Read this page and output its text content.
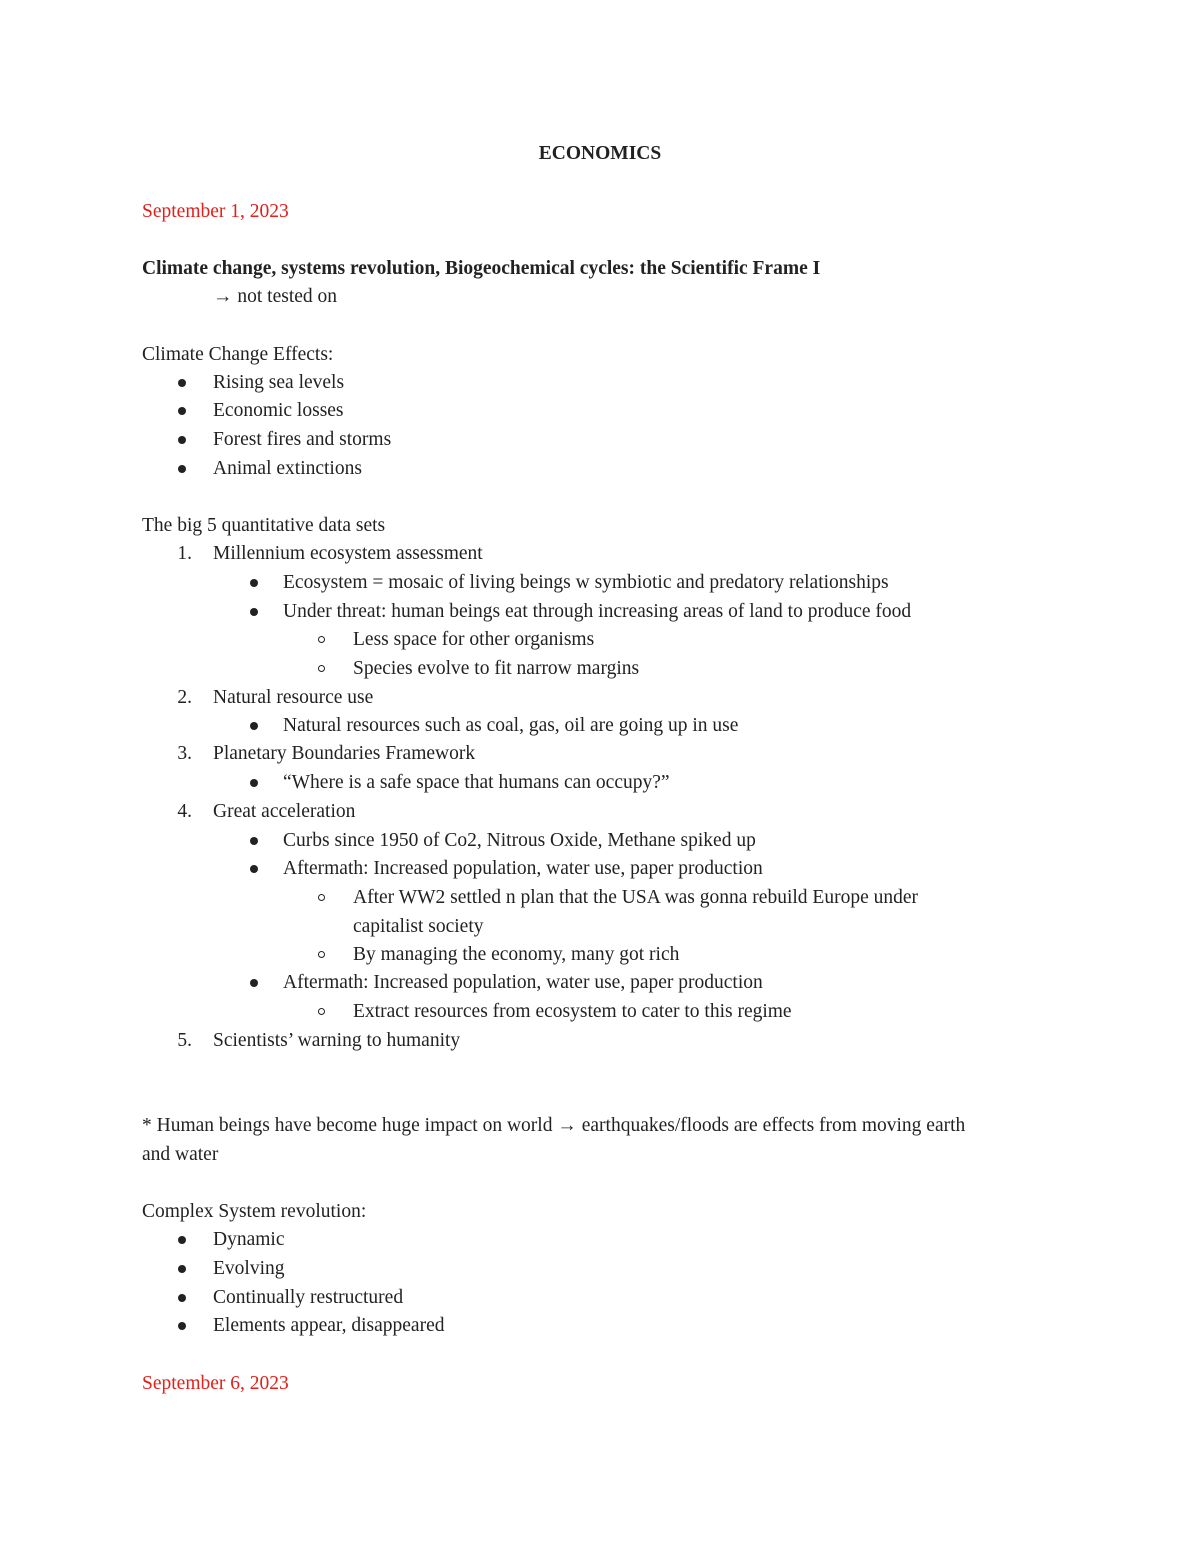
ECONOMICS
September 1, 2023
Climate change, systems revolution, Biogeochemical cycles: the Scientific Frame I
→ not tested on
Climate Change Effects:
Rising sea levels
Economic losses
Forest fires and storms
Animal extinctions
The big 5 quantitative data sets
1. Millennium ecosystem assessment
Ecosystem = mosaic of living beings w symbiotic and predatory relationships
Under threat: human beings eat through increasing areas of land to produce food
Less space for other organisms
Species evolve to fit narrow margins
2. Natural resource use
Natural resources such as coal, gas, oil are going up in use
3. Planetary Boundaries Framework
“Where is a safe space that humans can occupy?”
4. Great acceleration
Curbs since 1950 of Co2, Nitrous Oxide, Methane spiked up
Aftermath: Increased population, water use, paper production
After WW2 settled n plan that the USA was gonna rebuild Europe under
capitalist society
By managing the economy, many got rich
Aftermath: Increased population, water use, paper production
Extract resources from ecosystem to cater to this regime
5. Scientists’ warning to humanity
* Human beings have become huge impact on world → earthquakes/floods are effects from moving earth
and water
Complex System revolution:
Dynamic
Evolving
Continually restructured
Elements appear, disappeared
September 6, 2023
